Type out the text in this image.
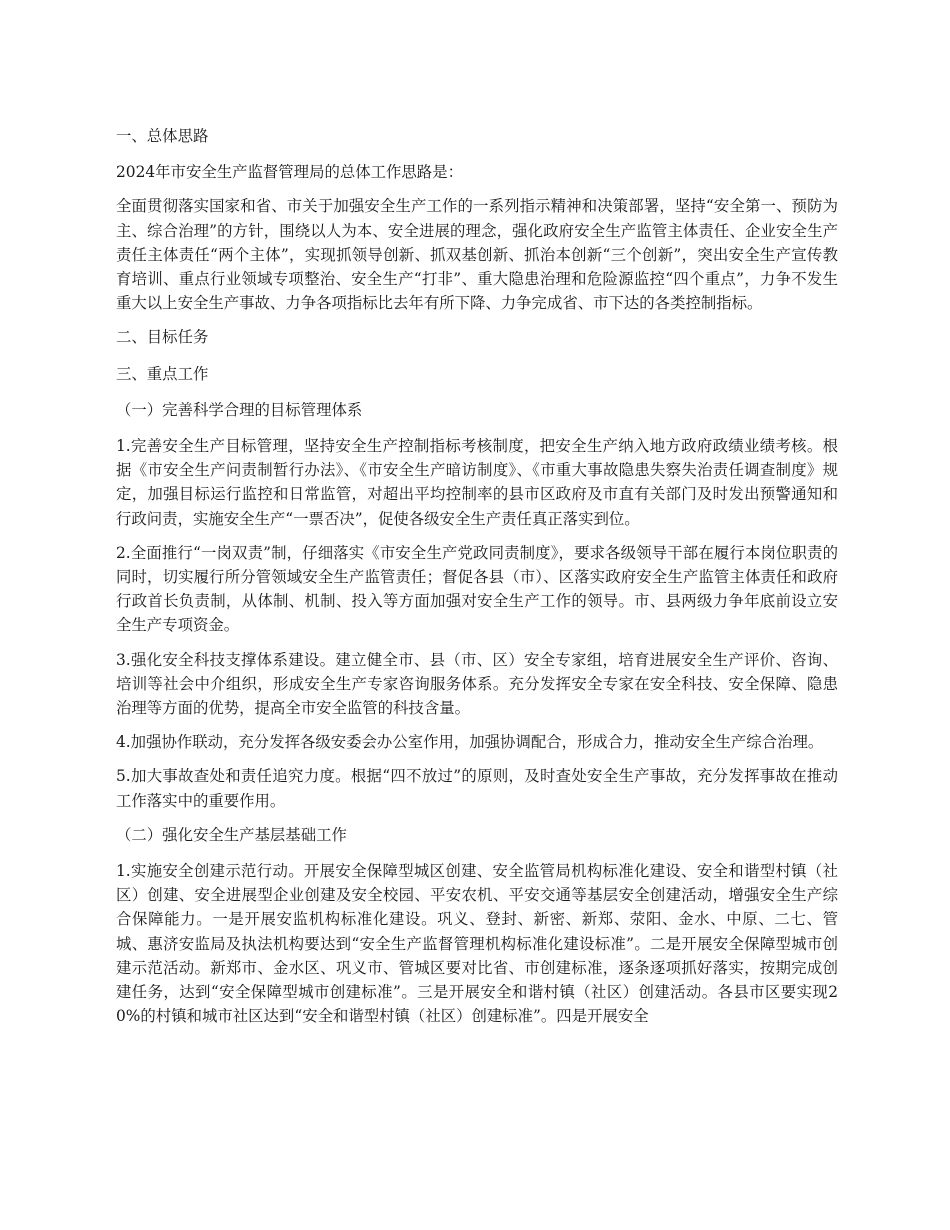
一、总体思路

2024年市安全生产监督管理局的总体工作思路是：

全面贯彻落实国家和省、市关于加强安全生产工作的一系列指示精神和决策部署，坚持“安全第一、预防为主、综合治理”的方针，围绕以人为本、安全进展的理念，强化政府安全生产监管主体责任、企业安全生产责任主体责任“两个主体”，实现抓领导创新、抓双基创新、抓治本创新“三个创新”，突出安全生产宣传教育培训、重点行业领域专项整治、安全生产“打非”、重大隐患治理和危险源监控“四个重点”，力争不发生重大以上安全生产事故、力争各项指标比去年有所下降、力争完成省、市下达的各类控制指标。

二、目标任务

三、重点工作

（一）完善科学合理的目标管理体系

1.完善安全生产目标管理，坚持安全生产控制指标考核制度，把安全生产纳入地方政府政绩业绩考核。根据《市安全生产问责制暂行办法》、《市安全生产暗访制度》、《市重大事故隐患失察失治责任调查制度》规定，加强目标运行监控和日常监管，对超出平均控制率的县市区政府及市直有关部门及时发出预警通知和行政问责，实施安全生产“一票否决”，促使各级安全生产责任真正落实到位。

2.全面推行“一岗双责”制，仔细落实《市安全生产党政同责制度》，要求各级领导干部在履行本岗位职责的同时，切实履行所分管领域安全生产监管责任；督促各县（市）、区落实政府安全生产监管主体责任和政府行政首长负责制，从体制、机制、投入等方面加强对安全生产工作的领导。市、县两级力争年底前设立安全生产专项资金。

3.强化安全科技支撑体系建设。建立健全市、县（市、区）安全专家组，培育进展安全生产评价、咨询、培训等社会中介组织，形成安全生产专家咨询服务体系。充分发挥安全专家在安全科技、安全保障、隐患治理等方面的优势，提高全市安全监管的科技含量。

4.加强协作联动，充分发挥各级安委会办公室作用，加强协调配合，形成合力，推动安全生产综合治理。

5.加大事故查处和责任追究力度。根据“四不放过”的原则，及时查处安全生产事故，充分发挥事故在推动工作落实中的重要作用。

（二）强化安全生产基层基础工作

1.实施安全创建示范行动。开展安全保障型城区创建、安全监管局机构标准化建设、安全和谐型村镇（社区）创建、安全进展型企业创建及安全校园、平安农机、平安交通等基层安全创建活动，增强安全生产综合保障能力。一是开展安监机构标准化建设。巩义、登封、新密、新郑、荥阳、金水、中原、二七、管城、惠济安监局及执法机构要达到“安全生产监督管理机构标准化建设标准”。二是开展安全保障型城市创建示范活动。新郑市、金水区、巩义市、管城区要对比省、市创建标准，逐条逐项抓好落实，按期完成创建任务，达到“安全保障型城市创建标准”。三是开展安全和谐村镇（社区）创建活动。各县市区要实现20%的村镇和城市社区达到“安全和谐型村镇（社区）创建标准”。四是开展安全
